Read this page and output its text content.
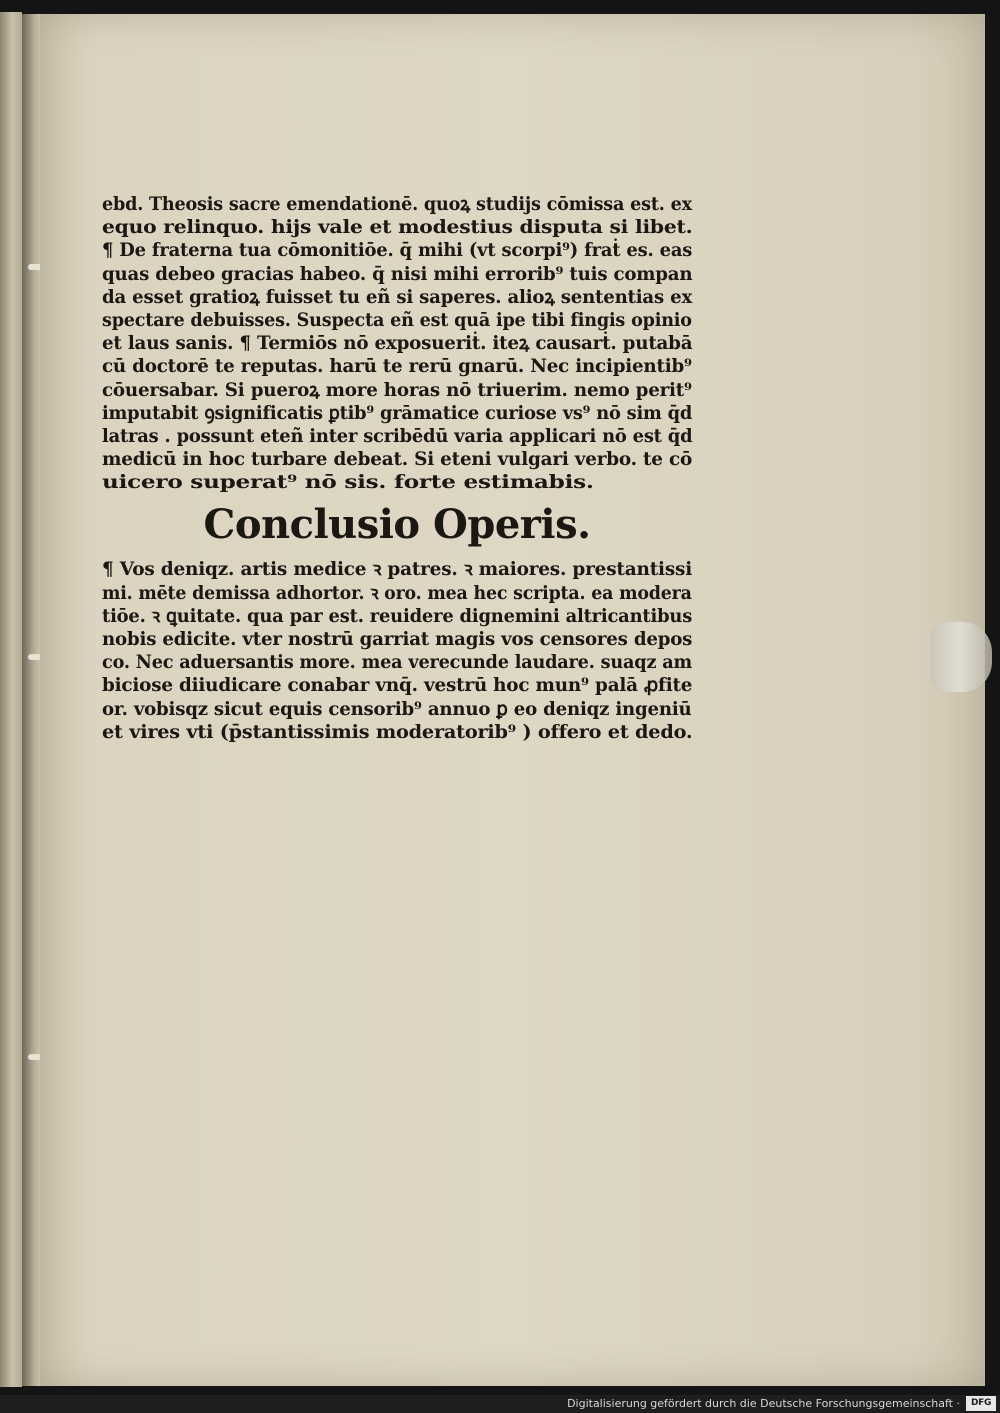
ebd. Theosis sacre emendationē. quoꝝ studijs cōmissa est. ex
equo relinquo. hijs vale et modestius disputa si libet.
¶ De fraterna tua cōmonitiōe. q̄ mihi (vt scorpi⁹) fraṫ es. eas
quas debeo gracias habeo. q̄ nisi mihi errorib⁹ tuis compan
da esset gratioꝝ fuisset tu eñ si saperes. alioꝝ sententias ex
spectare debuisses. Suspecta eñ est quā ipe tibi fingis opinio
et laus sanis. ¶ Termiōs nō exposueriṫ. iteꝝ causarṫ. putabā
cū doctorē te reputas. harū te rerū gnarū. Nec incipientib⁹
cōuersabar. Si pueroꝝ more horas nō triuerim. nemo perit⁹
imputabit ꝯsignificatis ꝑtib⁹ grāmatice curiose vs⁹ nō sim q̄d
latras . possunt eteñ inter scribēdū varia applicari nō est q̄d
medicū in hoc turbare debeat. Si eteni vulgari verbo. te cō
uicero superat⁹ nō sis. forte estimabis.
Conclusio Operis.
¶ Vos deniqz. artis medice ꝛ patres. ꝛ maiores. prestantissi
mi. mēte demissa adhortor. ꝛ oro. mea hec scripta. ea modera
tiōe. ꝛ ꝗuitate. qua par est. reuidere dignemini altricantibus
nobis edicite. vter nostrū garriat magis vos censores depos
co. Nec aduersantis more. mea verecunde laudare. suaqz am
biciose diiudicare conabar vnq̄. vestrū hoc mun⁹ palā ꝓfite
or. vobisqz sicut equis censorib⁹ annuo ꝑ eo deniqz ingeniū
et vires vti (p̄stantissimis moderatorib⁹ ) offero et dedo.
Digitalisierung gefördert durch die Deutsche Forschungsgemeinschaft ·	DFG
